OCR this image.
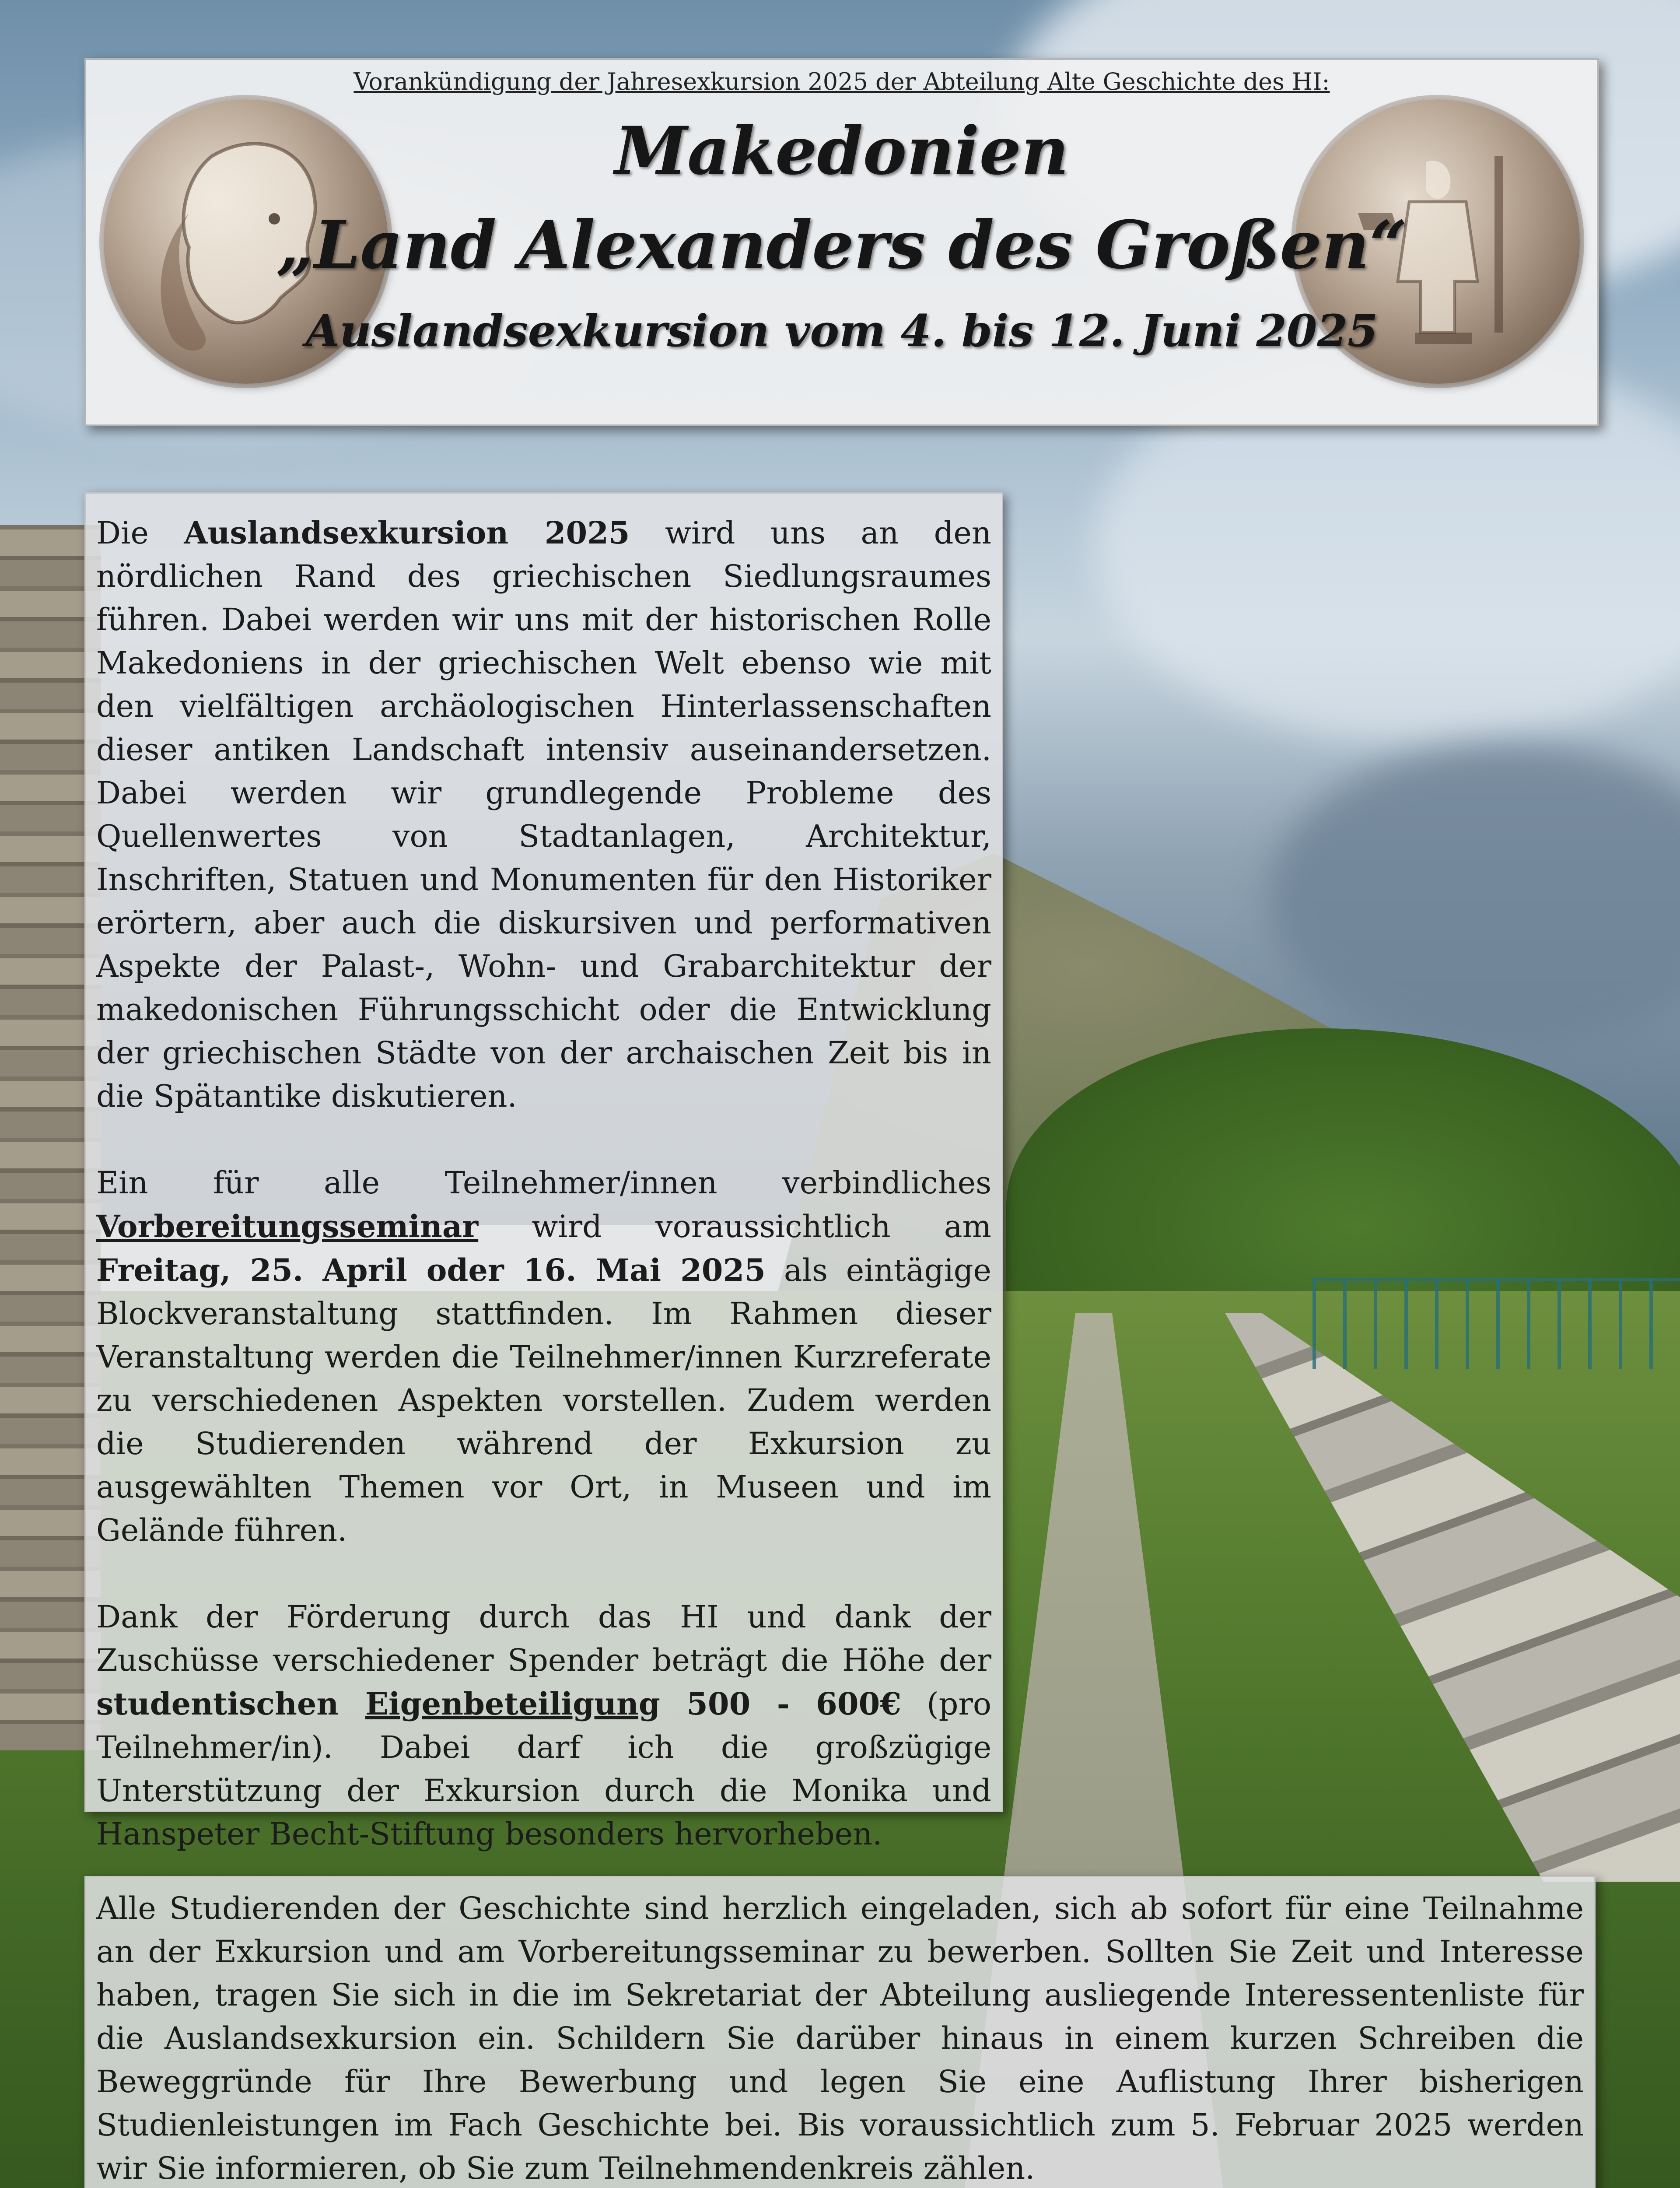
Vorankündigung der Jahresexkursion 2025 der Abteilung Alte Geschichte des HI:
Makedonien
„Land Alexanders des Großen“
Auslandsexkursion vom 4. bis 12. Juni 2025

Die Auslandsexkursion 2025 wird uns an den nördlichen Rand des griechischen Siedlungsraumes führen. Dabei werden wir uns mit der historischen Rolle Makedoniens in der griechischen Welt ebenso wie mit den vielfältigen archäologischen Hinterlassenschaften dieser antiken Landschaft intensiv auseinandersetzen. Dabei werden wir grundlegende Probleme des Quellenwertes von Stadtanlagen, Architektur, Inschriften, Statuen und Monumenten für den Historiker erörtern, aber auch die diskursiven und performativen Aspekte der Palast-, Wohn- und Grabarchitektur der makedonischen Führungsschicht oder die Entwicklung der griechischen Städte von der archaischen Zeit bis in die Spätantike diskutieren.

Ein für alle Teilnehmer/innen verbindliches Vorbereitungsseminar wird voraussichtlich am Freitag, 25. April oder 16. Mai 2025 als eintägige Blockveranstaltung stattfinden. Im Rahmen dieser Veranstaltung werden die Teilnehmer/innen Kurzreferate zu verschiedenen Aspekten vorstellen. Zudem werden die Studierenden während der Exkursion zu ausgewählten Themen vor Ort, in Museen und im Gelände führen.

Dank der Förderung durch das HI und dank der Zuschüsse verschiedener Spender beträgt die Höhe der studentischen Eigenbeteiligung 500 - 600€ (pro Teilnehmer/in). Dabei darf ich die großzügige Unterstützung der Exkursion durch die Monika und Hanspeter Becht-Stiftung besonders hervorheben.

Alle Studierenden der Geschichte sind herzlich eingeladen, sich ab sofort für eine Teilnahme an der Exkursion und am Vorbereitungsseminar zu bewerben. Sollten Sie Zeit und Interesse haben, tragen Sie sich in die im Sekretariat der Abteilung ausliegende Interessentenliste für die Auslandsexkursion ein. Schildern Sie darüber hinaus in einem kurzen Schreiben die Beweggründe für Ihre Bewerbung und legen Sie eine Auflistung Ihrer bisherigen Studienleistungen im Fach Geschichte bei. Bis voraussichtlich zum 5. Februar 2025 werden wir Sie informieren, ob Sie zum Teilnehmendenkreis zählen.
